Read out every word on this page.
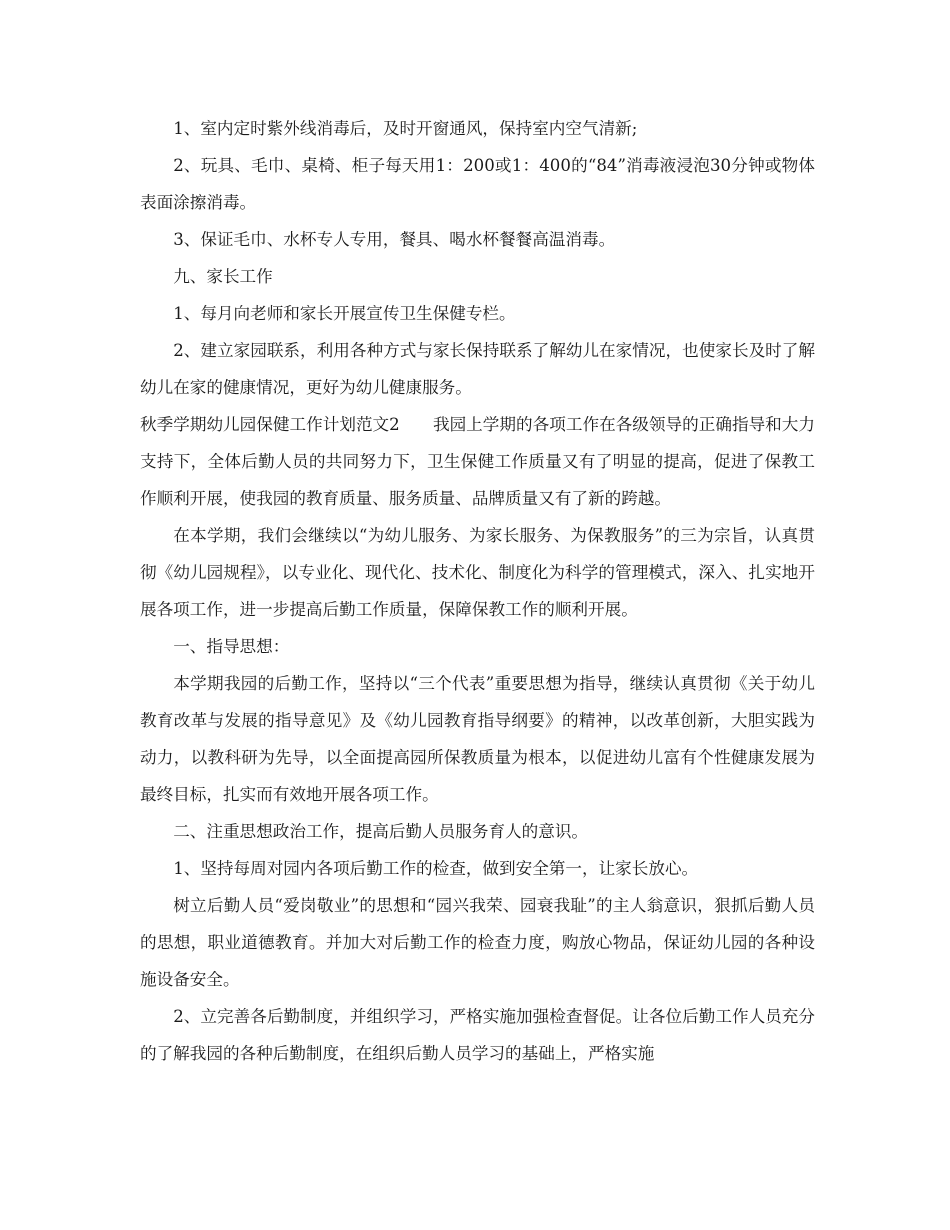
1、室内定时紫外线消毒后，及时开窗通风，保持室内空气清新;

2、玩具、毛巾、桌椅、柜子每天用1：200或1：400的“84”消毒液浸泡30分钟或物体表面涂擦消毒。

3、保证毛巾、水杯专人专用，餐具、喝水杯餐餐高温消毒。

九、家长工作

1、每月向老师和家长开展宣传卫生保健专栏。

2、建立家园联系，利用各种方式与家长保持联系了解幼儿在家情况，也使家长及时了解幼儿在家的健康情况，更好为幼儿健康服务。

秋季学期幼儿园保健工作计划范文2　　我园上学期的各项工作在各级领导的正确指导和大力支持下，全体后勤人员的共同努力下，卫生保健工作质量又有了明显的提高，促进了保教工作顺利开展，使我园的教育质量、服务质量、品牌质量又有了新的跨越。

在本学期，我们会继续以“为幼儿服务、为家长服务、为保教服务”的三为宗旨，认真贯彻《幼儿园规程》，以专业化、现代化、技术化、制度化为科学的管理模式，深入、扎实地开展各项工作，进一步提高后勤工作质量，保障保教工作的顺利开展。

一、指导思想：

本学期我园的后勤工作，坚持以“三个代表”重要思想为指导，继续认真贯彻《关于幼儿教育改革与发展的指导意见》及《幼儿园教育指导纲要》的精神，以改革创新，大胆实践为动力，以教科研为先导，以全面提高园所保教质量为根本，以促进幼儿富有个性健康发展为最终目标，扎实而有效地开展各项工作。

二、注重思想政治工作，提高后勤人员服务育人的意识。

1、坚持每周对园内各项后勤工作的检查，做到安全第一，让家长放心。

树立后勤人员“爱岗敬业”的思想和“园兴我荣、园衰我耻”的主人翁意识，狠抓后勤人员的思想，职业道德教育。并加大对后勤工作的检查力度，购放心物品，保证幼儿园的各种设施设备安全。

2、立完善各后勤制度，并组织学习，严格实施加强检查督促。让各位后勤工作人员充分的了解我园的各种后勤制度，在组织后勤人员学习的基础上，严格实施
